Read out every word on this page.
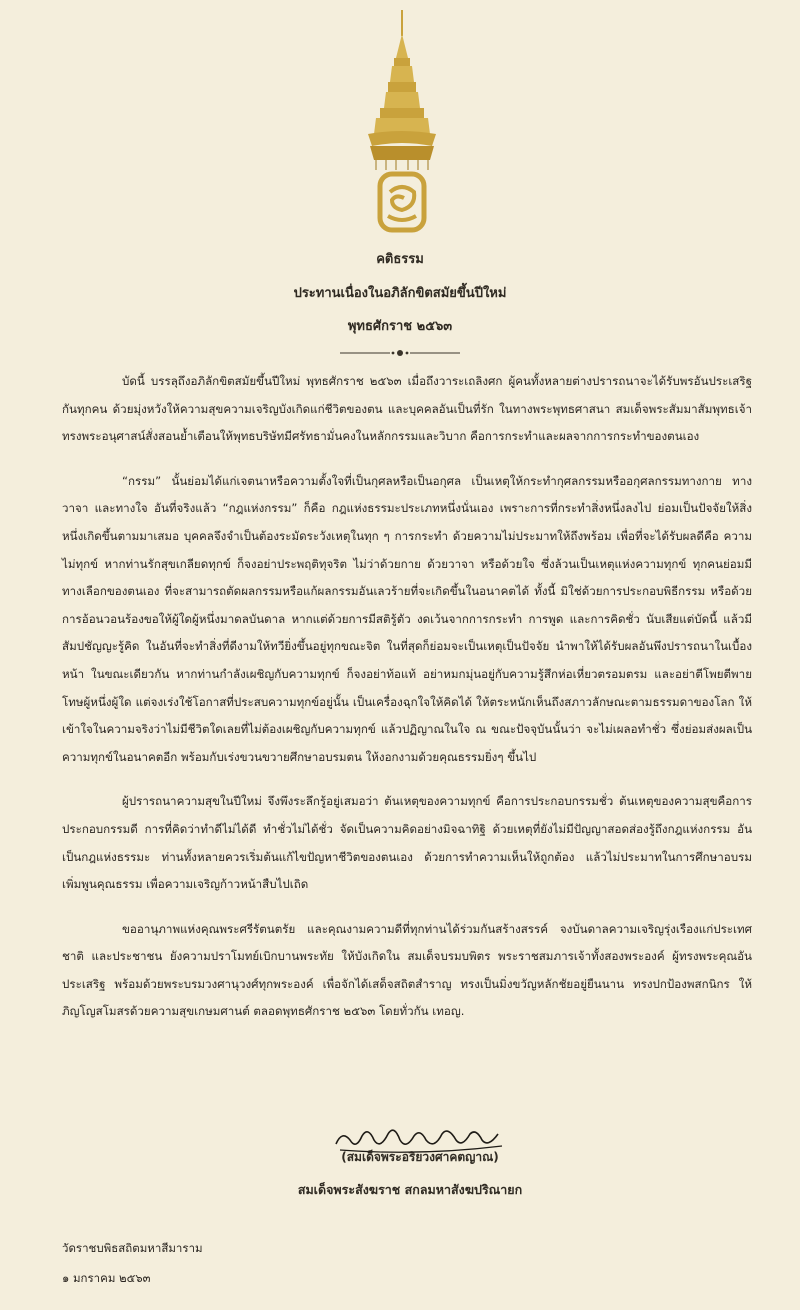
คติธรรม
ประทานเนื่องในอภิลักขิตสมัยขึ้นปีใหม่
พุทธศักราช ๒๕๖๓

บัดนี้ บรรลุถึงอภิลักขิตสมัยขึ้นปีใหม่ พุทธศักราช ๒๕๖๓ เมื่อถึงวาระเถลิงศก ผู้คนทั้งหลายต่างปรารถนาจะได้รับพรอันประเสริฐกันทุกคน ด้วยมุ่งหวังให้ความสุขความเจริญบังเกิดแก่ชีวิตของตน และบุคคลอันเป็นที่รัก ในทางพระพุทธศาสนา สมเด็จพระสัมมาสัมพุทธเจ้าทรงพระอนุศาสน์สั่งสอนย้ำเตือนให้พุทธบริษัทมีศรัทธามั่นคงในหลักกรรมและวิบาก คือการกระทำและผลจากการกระทำของตนเอง

“กรรม” นั้นย่อมได้แก่เจตนาหรือความตั้งใจที่เป็นกุศลหรือเป็นอกุศล เป็นเหตุให้กระทำกุศลกรรมหรืออกุศลกรรมทางกาย ทางวาจา และทางใจ อันที่จริงแล้ว “กฎแห่งกรรม” ก็คือ กฎแห่งธรรมะประเภทหนึ่งนั่นเอง เพราะการที่กระทำสิ่งหนึ่งลงไป ย่อมเป็นปัจจัยให้สิ่งหนึ่งเกิดขึ้นตามมาเสมอ บุคคลจึงจำเป็นต้องระมัดระวังเหตุในทุก ๆ การกระทำ ด้วยความไม่ประมาทให้ถึงพร้อม เพื่อที่จะได้รับผลดีคือ ความไม่ทุกข์ หากท่านรักสุขเกลียดทุกข์ ก็จงอย่าประพฤติทุจริต ไม่ว่าด้วยกาย ด้วยวาจา หรือด้วยใจ ซึ่งล้วนเป็นเหตุแห่งความทุกข์ ทุกคนย่อมมีทางเลือกของตนเอง ที่จะสามารถตัดผลกรรมหรือแก้ผลกรรมอันเลวร้ายที่จะเกิดขึ้นในอนาคตได้ ทั้งนี้ มิใช่ด้วยการประกอบพิธีกรรม หรือด้วยการอ้อนวอนร้องขอให้ผู้ใดผู้หนึ่งมาดลบันดาล หากแต่ด้วยการมีสติรู้ตัว งดเว้นจากการกระทำ การพูด และการคิดชั่ว นับเสียแต่บัดนี้ แล้วมีสัมปชัญญะรู้คิด ในอันที่จะทำสิ่งที่ดีงามให้ทวียิ่งขึ้นอยู่ทุกขณะจิต ในที่สุดก็ย่อมจะเป็นเหตุเป็นปัจจัย นำพาให้ได้รับผลอันพึงปรารถนาในเบื้องหน้า ในขณะเดียวกัน หากท่านกำลังเผชิญกับความทุกข์ ก็จงอย่าท้อแท้ อย่าหมกมุ่นอยู่กับความรู้สึกห่อเหี่ยวตรอมตรม และอย่าตีโพยตีพายโทษผู้หนึ่งผู้ใด แต่จงเร่งใช้โอกาสที่ประสบความทุกข์อยู่นั้น เป็นเครื่องฉุกใจให้คิดได้ ให้ตระหนักเห็นถึงสภาวลักษณะตามธรรมดาของโลก ให้เข้าใจในความจริงว่าไม่มีชีวิตใดเลยที่ไม่ต้องเผชิญกับความทุกข์ แล้วปฏิญาณในใจ ณ ขณะปัจจุบันนั้นว่า จะไม่เผลอทำชั่ว ซึ่งย่อมส่งผลเป็นความทุกข์ในอนาคตอีก พร้อมกับเร่งขวนขวายศึกษาอบรมตน ให้งอกงามด้วยคุณธรรมยิ่งๆ ขึ้นไป

ผู้ปรารถนาความสุขในปีใหม่ จึงพึงระลึกรู้อยู่เสมอว่า ต้นเหตุของความทุกข์ คือการประกอบกรรมชั่ว ต้นเหตุของความสุขคือการประกอบกรรมดี การที่คิดว่าทำดีไม่ได้ดี ทำชั่วไม่ได้ชั่ว จัดเป็นความคิดอย่างมิจฉาทิฐิ ด้วยเหตุที่ยังไม่มีปัญญาสอดส่องรู้ถึงกฎแห่งกรรม อันเป็นกฎแห่งธรรมะ ท่านทั้งหลายควรเริ่มต้นแก้ไขปัญหาชีวิตของตนเอง ด้วยการทำความเห็นให้ถูกต้อง แล้วไม่ประมาทในการศึกษาอบรมเพิ่มพูนคุณธรรม เพื่อความเจริญก้าวหน้าสืบไปเถิด

ขออานุภาพแห่งคุณพระศรีรัตนตรัย และคุณงามความดีที่ทุกท่านได้ร่วมกันสร้างสรรค์ จงบันดาลความเจริญรุ่งเรืองแก่ประเทศชาติ และประชาชน ยังความปราโมทย์เบิกบานพระทัย ให้บังเกิดใน สมเด็จบรมบพิตร พระราชสมภารเจ้าทั้งสองพระองค์ ผู้ทรงพระคุณอันประเสริฐ พร้อมด้วยพระบรมวงศานุวงศ์ทุกพระองค์ เพื่อจักได้เสด็จสถิตสำราญ ทรงเป็นมิ่งขวัญหลักชัยอยู่ยืนนาน ทรงปกป้องพสกนิกร ให้ภิญโญสโมสรด้วยความสุขเกษมศานต์ ตลอดพุทธศักราช ๒๕๖๓ โดยทั่วกัน เทอญ.

(สมเด็จพระอริยวงศาคตญาณ)
สมเด็จพระสังฆราช สกลมหาสังฆปริณายก
วัดราชบพิธสถิตมหาสีมาราม
๑ มกราคม ๒๕๖๓
